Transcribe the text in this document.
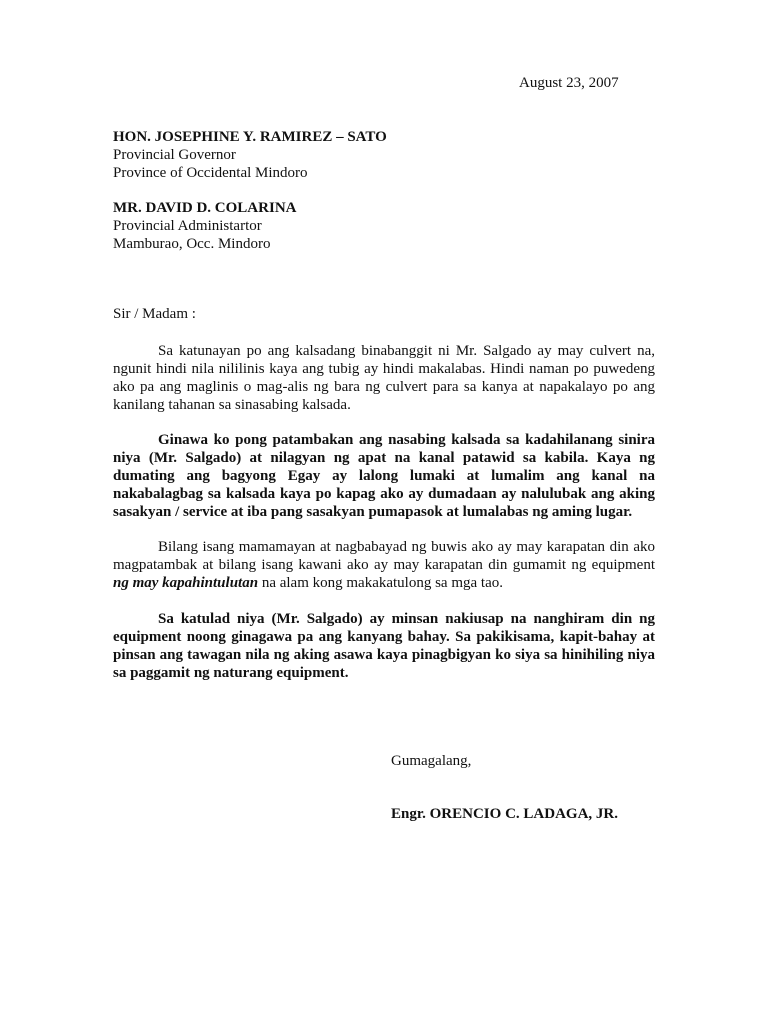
August 23, 2007
HON. JOSEPHINE Y. RAMIREZ – SATO
Provincial Governor
Province of Occidental Mindoro
MR. DAVID D. COLARINA
Provincial Administartor
Mamburao, Occ. Mindoro
Sir / Madam :

Sa katunayan po ang kalsadang binabanggit ni Mr. Salgado ay may culvert na, ngunit hindi nila nililinis kaya ang tubig ay hindi makalabas. Hindi naman po puwedeng ako pa ang maglinis o mag-alis ng bara ng culvert para sa kanya at napakalayo po ang kanilang tahanan sa sinasabing kalsada.

Ginawa ko pong patambakan ang nasabing kalsada sa kadahilanang sinira niya (Mr. Salgado) at nilagyan ng apat na kanal patawid sa kabila. Kaya ng dumating ang bagyong Egay ay lalong lumaki at lumalim ang kanal na nakabalagbag sa kalsada kaya po kapag ako ay dumadaan ay nalulubak ang aking sasakyan / service at iba pang sasakyan pumapasok at lumalabas ng aming lugar.

Bilang isang mamamayan at nagbabayad ng buwis ako ay may karapatan din ako magpatambak at bilang isang kawani ako ay may karapatan din gumamit ng equipment ng may kapahintulutan na alam kong makakatulong sa mga tao.

Sa katulad niya (Mr. Salgado) ay minsan nakiusap na nanghiram din ng equipment noong ginagawa pa ang kanyang bahay. Sa pakikisama, kapit-bahay at pinsan ang tawagan nila ng aking asawa kaya pinagbigyan ko siya sa hinihiling niya sa paggamit ng naturang equipment.

Gumagalang,
Engr. ORENCIO C. LADAGA, JR.
